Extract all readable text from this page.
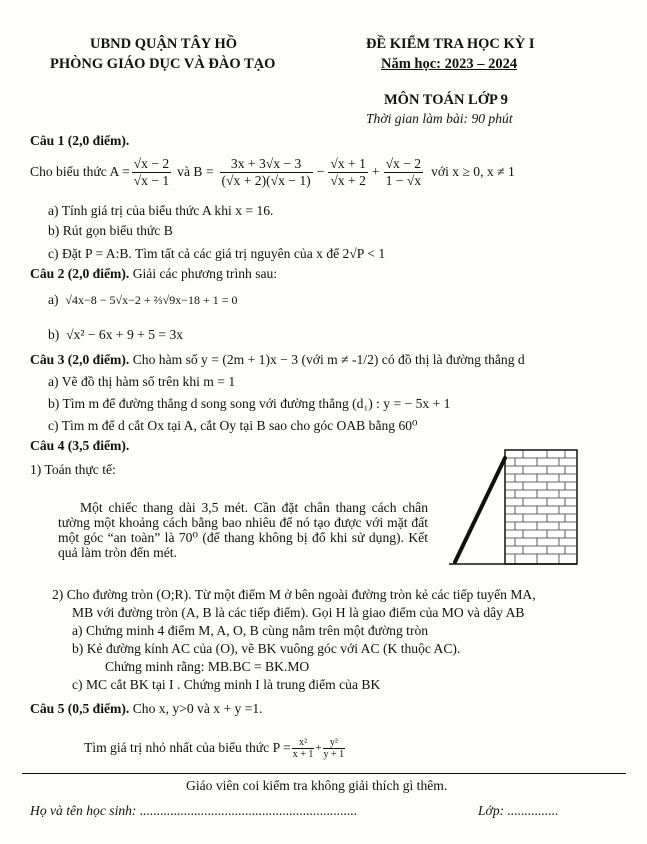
UBND QUẬN TÂY HỒ
PHÒNG GIÁO DỤC VÀ ĐÀO TẠO
ĐỀ KIỂM TRA HỌC KỲ I
Năm học: 2023 – 2024
MÔN TOÁN LỚP 9
Thời gian làm bài: 90 phút
Câu 1 (2,0 điểm).
Cho biểu thức $A = \frac{√x - 2}{√x - 1}$ và $B = \frac{3x + 3√x - 3}{(√x + 2)(√x - 1)} - \frac{√x + 1}{√x + 2} + \frac{√x - 2}{1 - √x}$ với x ≥ 0, x ≠ 1
a) Tính giá trị của biểu thức A khi x = 16.
b) Rút gọn biểu thức B
c) Đặt P = A:B. Tìm tất cả các giá trị nguyên của x để 2√P < 1
Câu 2 (2,0 điểm). Giải các phương trình sau:
a) √4x−8 − 5√x−2 + ⅔√9x−18 + 1 = 0
b) √x² − 6x + 9 + 5 = 3x
Câu 3 (2,0 điểm). Cho hàm số y = (2m + 1)x − 3 (với m ≠ -1/2) có đồ thị là đường thẳng d
a) Vẽ đồ thị hàm số trên khi m = 1
b) Tìm m để đường thẳng d song song với đường thẳng (d₁) : y = − 5x + 1
c) Tìm m để d cắt Ox tại A, cắt Oy tại B sao cho góc OAB bằng 60⁰
Câu 4 (3,5 điểm).
1) Toán thực tế:
Một chiếc thang dài 3,5 mét. Cần đặt chân thang cách chân tường một khoảng cách bằng bao nhiêu để nó tạo được với mặt đất một góc “an toàn” là 70⁰ (để thang không bị đổ khi sử dụng). Kết quả làm tròn đến mét.
2) Cho đường tròn (O;R). Từ một điểm M ở bên ngoài đường tròn kẻ các tiếp tuyến MA,
MB với đường tròn (A, B là các tiếp điểm). Gọi H là giao điểm của MO và dây AB
a) Chứng minh 4 điểm M, A, O, B cùng nằm trên một đường tròn
b) Kẻ đường kính AC của (O), vẽ BK vuông góc với AC (K thuộc AC).
Chứng minh rằng: MB.BC = BK.MO
c) MC cắt BK tại I . Chứng minh I là trung điểm của BK
Câu 5 (0,5 điểm). Cho x, y>0 và x + y =1.
Tìm giá trị nhỏ nhất của biểu thức $P = \frac{\text{x²}}{x + 1} + \frac{\text{y²}}{y + 1}$
Giáo viên coi kiểm tra không giải thích gì thêm.
Họ và tên học sinh: ................................................................	Lớp: ...............
